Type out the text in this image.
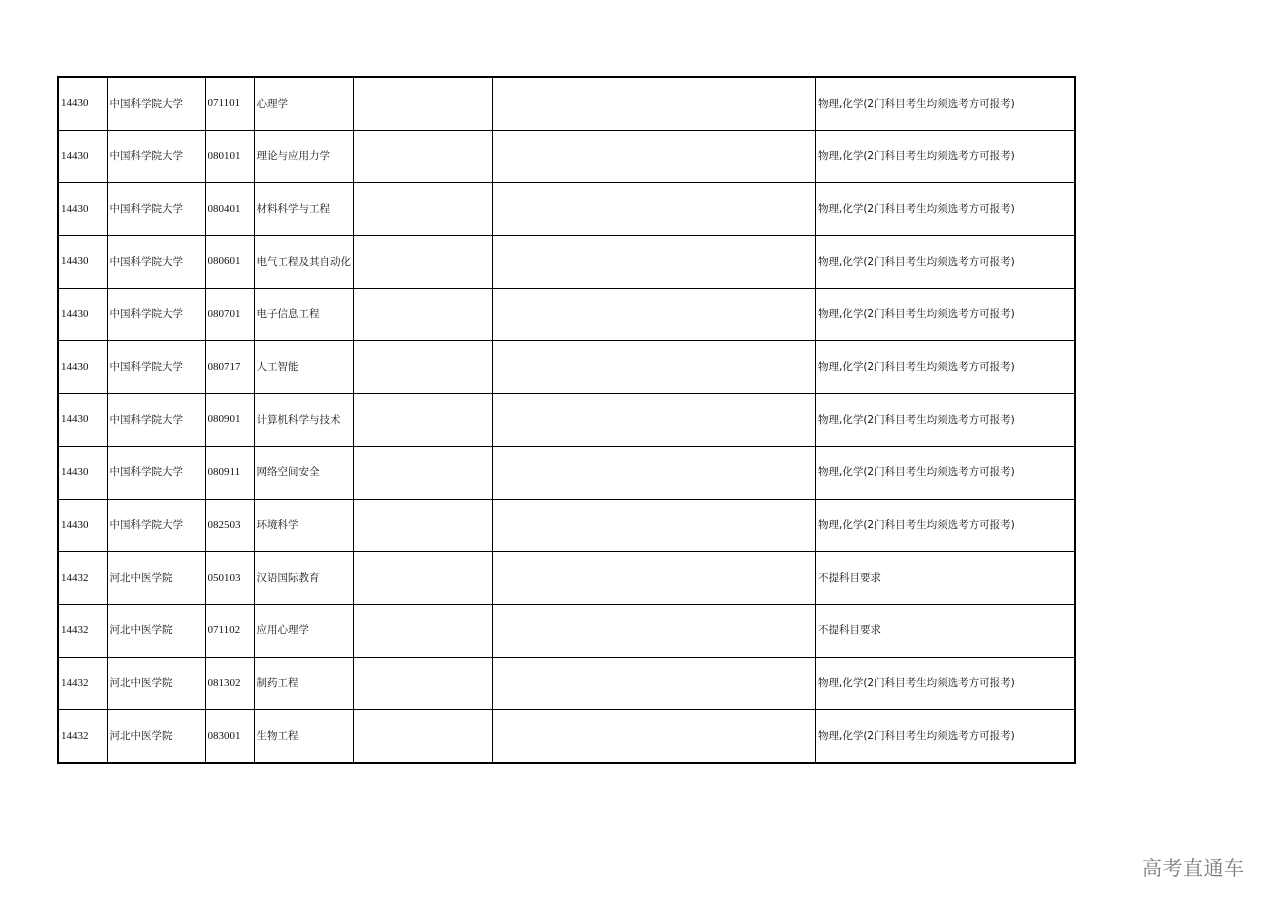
14430	中国科学院大学	071101	心理学			物理,化学(2门科目考生均须选考方可报考)
14430	中国科学院大学	080101	理论与应用力学			物理,化学(2门科目考生均须选考方可报考)
14430	中国科学院大学	080401	材料科学与工程			物理,化学(2门科目考生均须选考方可报考)
14430	中国科学院大学	080601	电气工程及其自动化			物理,化学(2门科目考生均须选考方可报考)
14430	中国科学院大学	080701	电子信息工程			物理,化学(2门科目考生均须选考方可报考)
14430	中国科学院大学	080717	人工智能			物理,化学(2门科目考生均须选考方可报考)
14430	中国科学院大学	080901	计算机科学与技术			物理,化学(2门科目考生均须选考方可报考)
14430	中国科学院大学	080911	网络空间安全			物理,化学(2门科目考生均须选考方可报考)
14430	中国科学院大学	082503	环境科学			物理,化学(2门科目考生均须选考方可报考)
14432	河北中医学院	050103	汉语国际教育			不提科目要求
14432	河北中医学院	071102	应用心理学			不提科目要求
14432	河北中医学院	081302	制药工程			物理,化学(2门科目考生均须选考方可报考)
14432	河北中医学院	083001	生物工程			物理,化学(2门科目考生均须选考方可报考)
高考直通车
